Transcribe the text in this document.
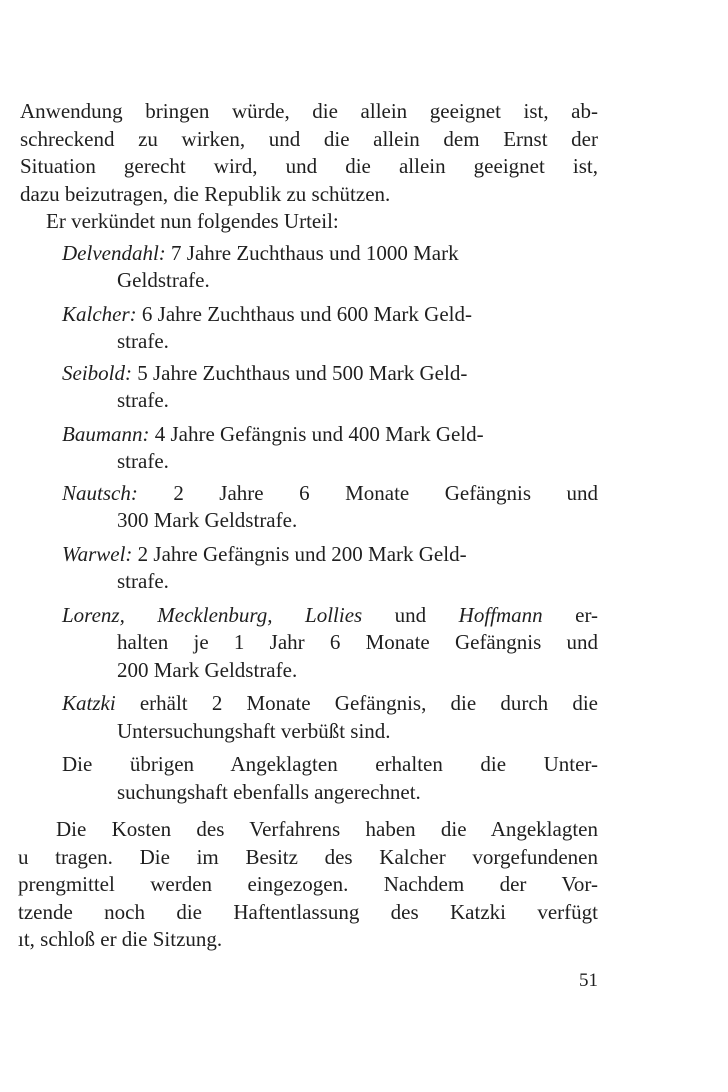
Anwendung bringen würde, die allein geeignet ist, ab-
schreckend zu wirken, und die allein dem Ernst der
Situation gerecht wird, und die allein geeignet ist,
dazu beizutragen, die Republik zu schützen.
Er verkündet nun folgendes Urteil:
Delvendahl: 7 Jahre Zuchthaus und 1000 Mark
Geldstrafe.
Kalcher: 6 Jahre Zuchthaus und 600 Mark Geld-
strafe.
Seibold: 5 Jahre Zuchthaus und 500 Mark Geld-
strafe.
Baumann: 4 Jahre Gefängnis und 400 Mark Geld-
strafe.
Nautsch: 2 Jahre 6 Monate Gefängnis und
300 Mark Geldstrafe.
Warwel: 2 Jahre Gefängnis und 200 Mark Geld-
strafe.
Lorenz, Mecklenburg, Lollies und Hoffmann er-
halten je 1 Jahr 6 Monate Gefängnis und
200 Mark Geldstrafe.
Katzki erhält 2 Monate Gefängnis, die durch die
Untersuchungshaft verbüßt sind.
Die übrigen Angeklagten erhalten die Unter-
suchungshaft ebenfalls angerechnet.
Die Kosten des Verfahrens haben die Angeklagten
u tragen. Die im Besitz des Kalcher vorgefundenen
prengmittel werden eingezogen. Nachdem der Vor-
tzende noch die Haftentlassung des Katzki verfügt
ıt, schloß er die Sitzung.
51
